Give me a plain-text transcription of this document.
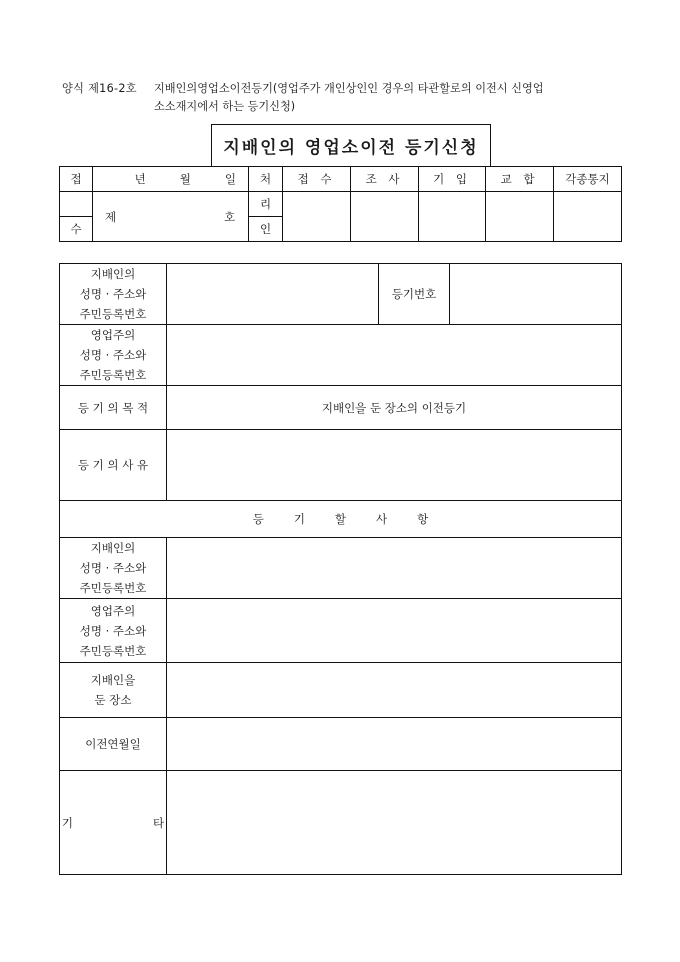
양식 제16-2호 지배인의영업소이전등기(영업주가 개인상인인 경우의 타관할로의 이전시 신영업
소소재지에서 하는 등기신청)
지배인의 영업소이전 등기신청
접	년 월 일	처	접 수	조 사	기 입	교 합	각종통지
	제 호	리					
수		인					
지배인의
성명 · 주소와
주민등록번호		등기번호	

영업주의
성명 · 주소와
주민등록번호			

등 기 의 목 적	지배인을 둔 장소의 이전등기		
등 기 의 사 유			
등기할사항			

지배인의
성명 · 주소와
주민등록번호			

영업주의
성명 · 주소와
주민등록번호			

지배인을
둔 장소			

이전연월일			
기 타			
